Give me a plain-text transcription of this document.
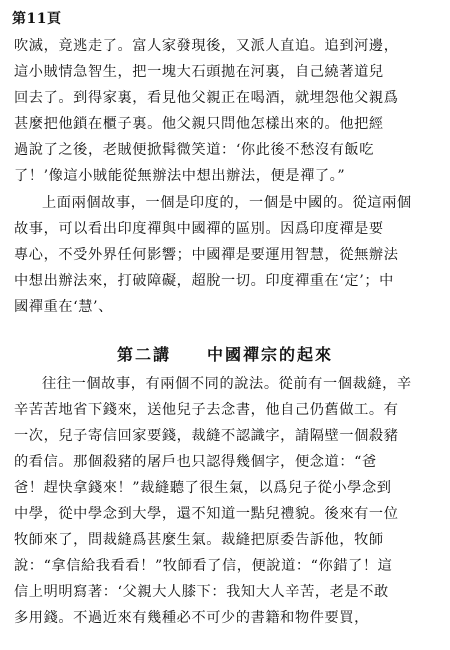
第11頁
吹滅，竟逃走了。富人家發現後，又派人直追。追到河邊，
這小賊情急智生，把一塊大石頭拋在河裏，自己繞著道兒
回去了。到得家裏，看見他父親正在喝酒，就埋怨他父親爲
甚麼把他鎖在櫃子裏。他父親只問他怎樣出來的。他把經
過說了之後，老賊便掀髯微笑道：‘你此後不愁沒有飯吃
了！’像這小賊能從無辦法中想出辦法，便是禪了。”
上面兩個故事，一個是印度的，一個是中國的。從這兩個
故事，可以看出印度禪與中國禪的區別。因爲印度禪是要
專心，不受外界任何影響；中國禪是要運用智慧，從無辦法
中想出辦法來，打破障礙，超脫一切。印度禪重在‘定’；中
國禪重在‘慧’、
第二講　　中國禪宗的起來
往往一個故事，有兩個不同的說法。從前有一個裁縫，辛
辛苦苦地省下錢來，送他兒子去念書，他自己仍舊做工。有
一次，兒子寄信回家要錢，裁縫不認識字，請隔壁一個殺豬
的看信。那個殺豬的屠戶也只認得幾個字，便念道：“爸
爸！趕快拿錢來！”裁縫聽了很生氣，以爲兒子從小學念到
中學，從中學念到大學，還不知道一點兒禮貌。後來有一位
牧師來了，問裁縫爲甚麼生氣。裁縫把原委告訴他，牧師
說：“拿信給我看看！”牧師看了信，便說道：“你錯了！這
信上明明寫著：‘父親大人膝下：我知大人辛苦，老是不敢
多用錢。不過近來有幾種必不可少的書籍和物件要買，
